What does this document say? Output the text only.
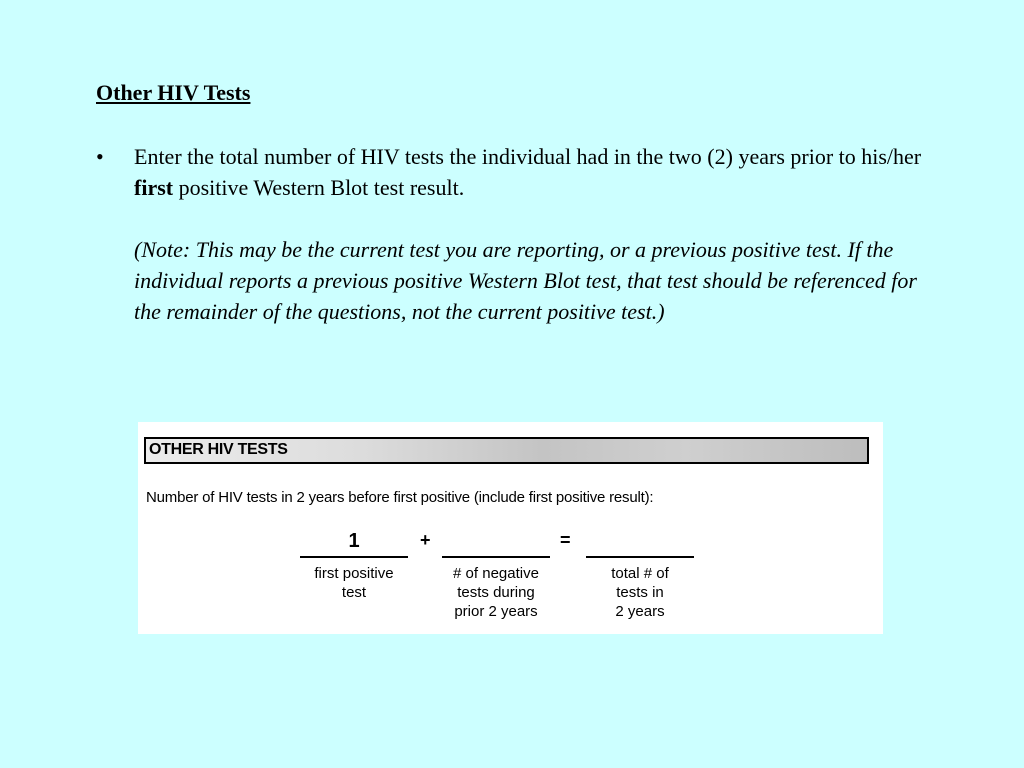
Other HIV Tests
•	Enter the total number of HIV tests the individual had in the two (2) years prior to his/her first positive Western Blot test result.

(Note: This may be the current test you are reporting, or a previous positive test. If the individual reports a previous positive Western Blot test, that test should be referenced for the remainder of the questions, not the current positive test.)

OTHER HIV TESTS
Number of HIV tests in 2 years before first positive (include first positive result):
1
first positive
test
+
# of negative
tests during
prior 2 years
=
total # of
tests in
2 years
